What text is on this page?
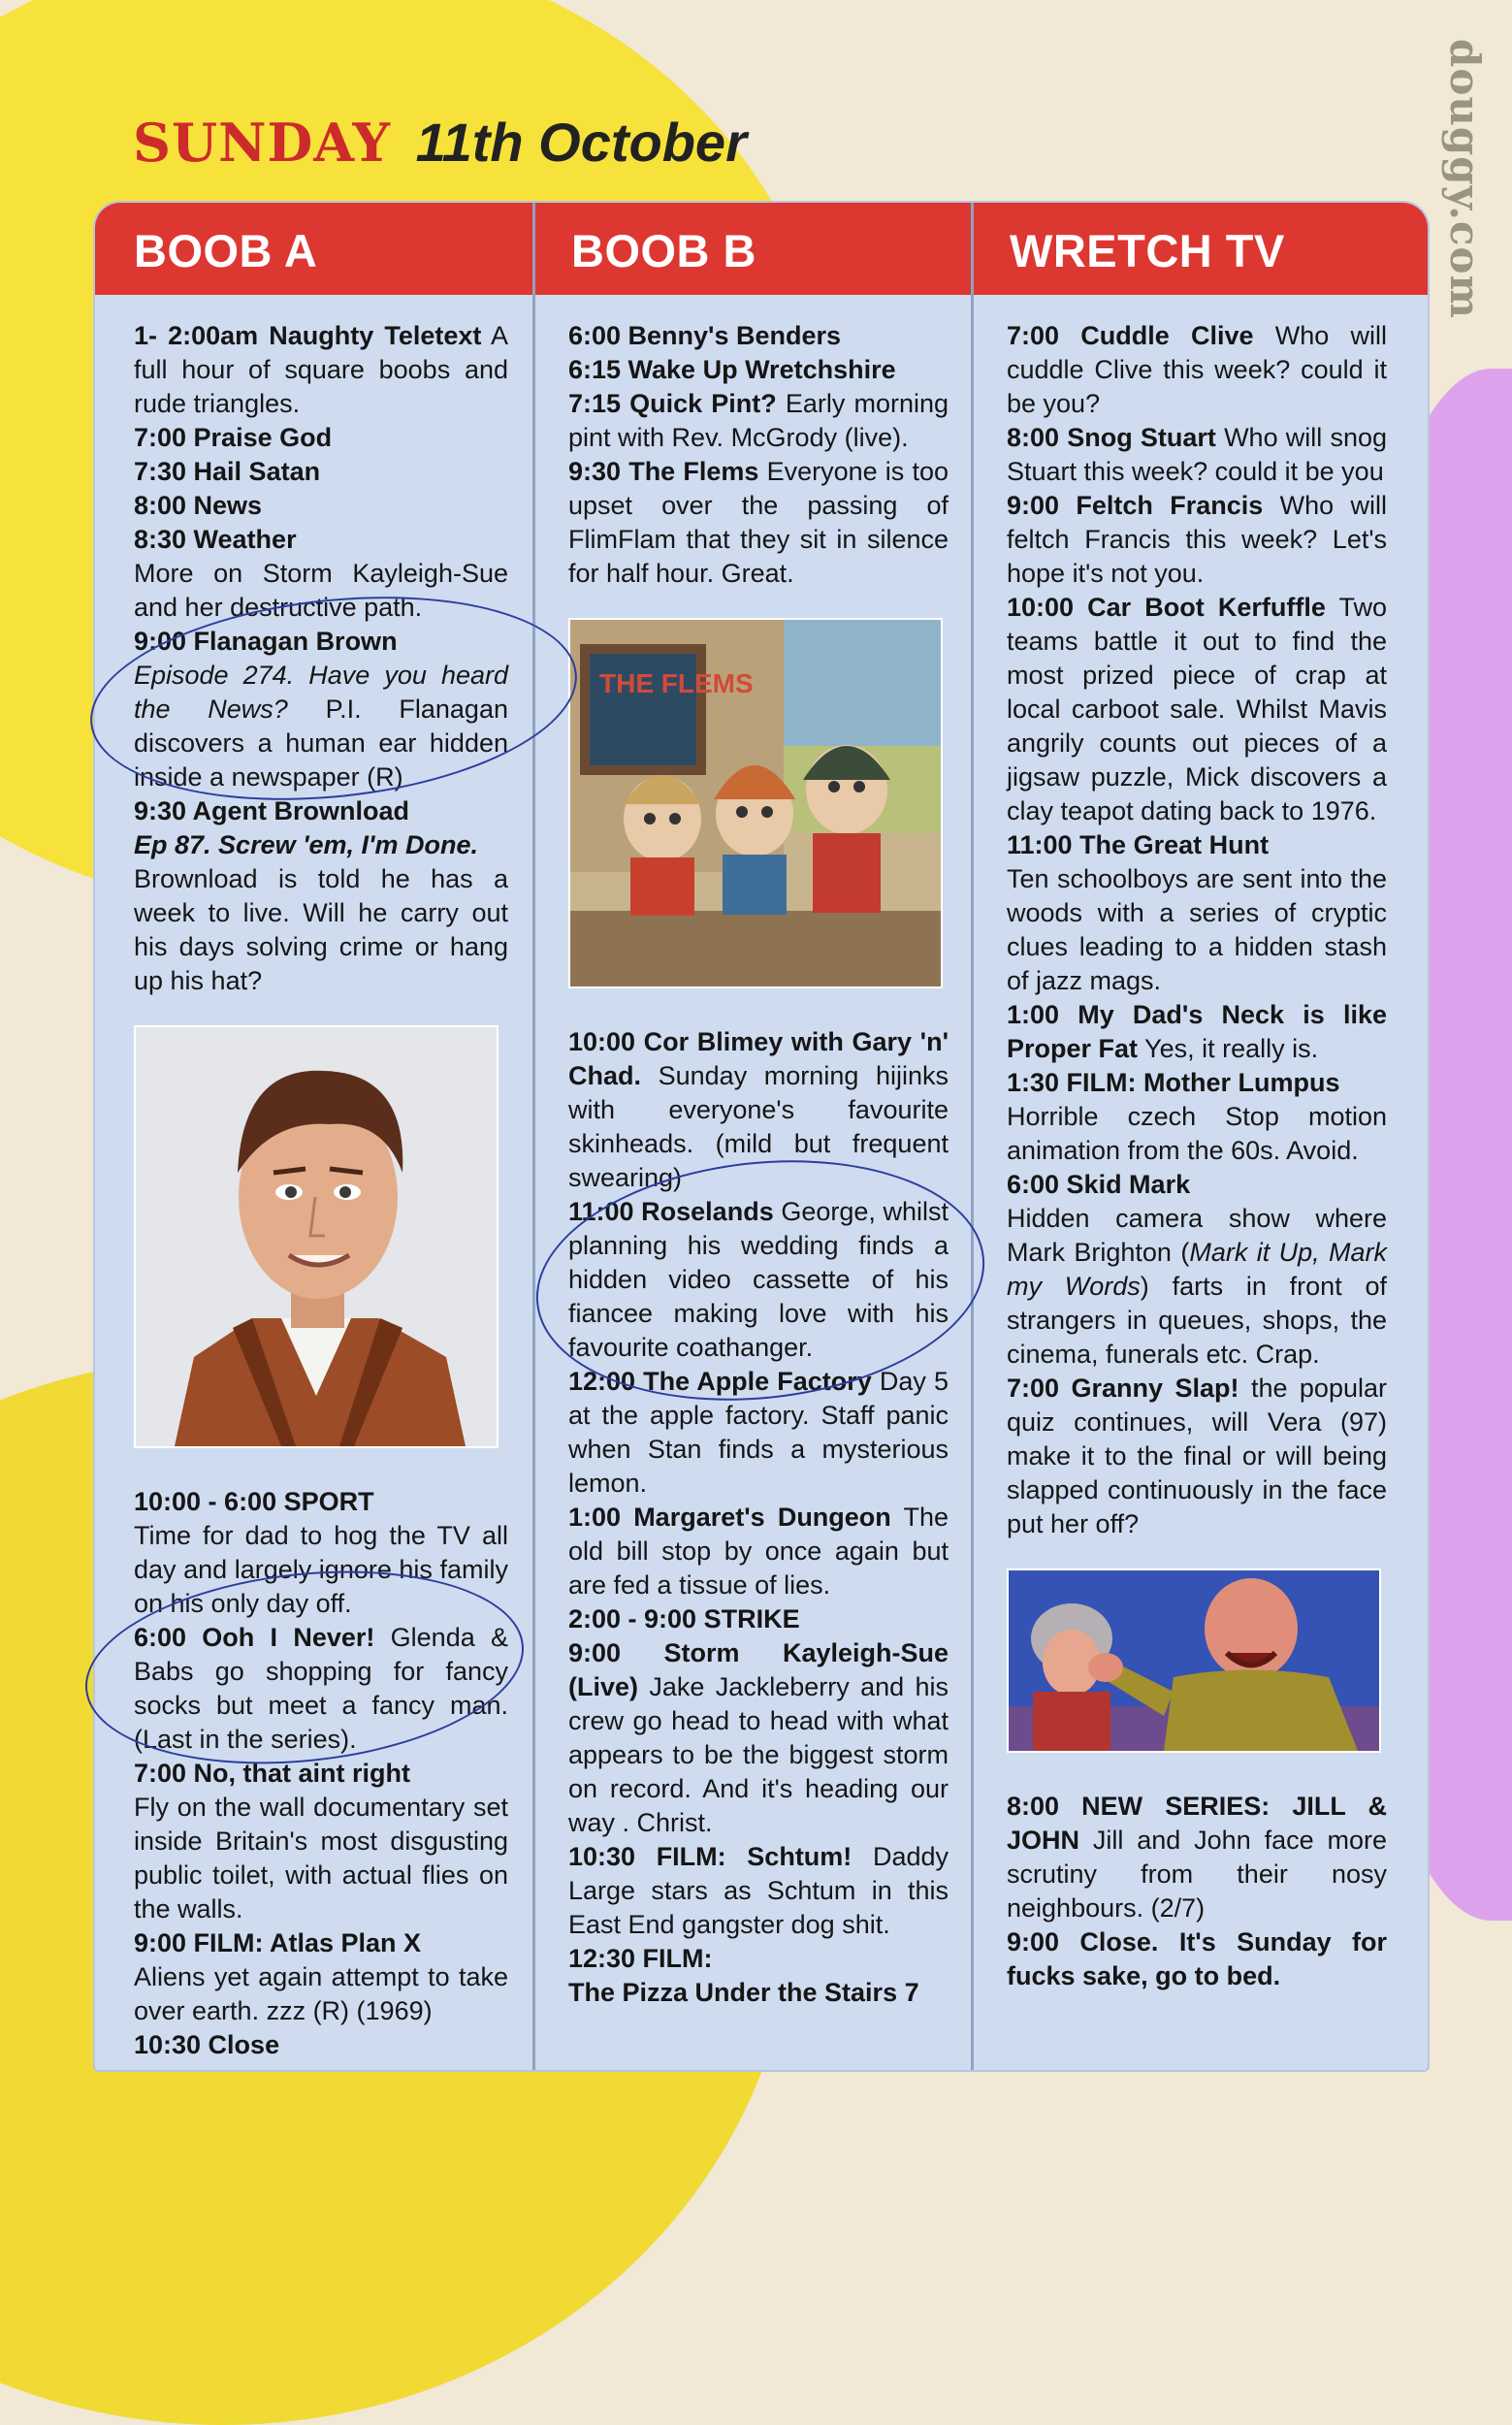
douggy.com
SUNDAY 11th October
BOOB A	BOOB B	WRETCH TV

1- 2:00am Naughty Teletext A full hour of square boobs and rude triangles.

7:00 Praise God

7:30 Hail Satan

8:00 News

8:30 Weather
More on Storm Kayleigh-Sue and her destructive path.

9:00 Flanagan Brown
Episode 274. Have you heard the News? P.I. Flanagan discovers a human ear hidden inside a newspaper (R)

9:30 Agent Brownload
Ep 87. Screw 'em, I'm Done.
Brownload is told he has a week to live. Will he carry out his days solving crime or hang up his hat?

10:00 - 6:00 SPORT
Time for dad to hog the TV all day and largely ignore his family on his only day off.

6:00 Ooh I Never! Glenda & Babs go shopping for fancy socks but meet a fancy man. (Last in the series).

7:00 No, that aint right
Fly on the wall documentary set inside Britain's most disgusting public toilet, with actual flies on the walls.

9:00 FILM: Atlas Plan X
Aliens yet again attempt to take over earth. zzz (R) (1969)

10:30 Close

6:00 Benny's Benders

6:15 Wake Up Wretchshire

7:15 Quick Pint? Early morning pint with Rev. McGrody (live).

9:30 The Flems Everyone is too upset over the passing of FlimFlam that they sit in silence for half hour. Great.

THE FLEMS

10:00 Cor Blimey with Gary 'n' Chad. Sunday morning hijinks with everyone's favourite skinheads. (mild but frequent swearing)

11:00 Roselands George, whilst planning his wedding finds a hidden video cassette of his fiancee making love with his favourite coathanger.

12:00 The Apple Factory Day 5 at the apple factory. Staff panic when Stan finds a mysterious lemon.

1:00 Margaret's Dungeon The old bill stop by once again but are fed a tissue of lies.

2:00 - 9:00 STRIKE

9:00 Storm Kayleigh-Sue (Live) Jake Jackleberry and his crew go head to head with what appears to be the biggest storm on record. And it's heading our way . Christ.

10:30 FILM: Schtum! Daddy Large stars as Schtum in this East End gangster dog shit.

12:30 FILM:
The Pizza Under the Stairs 7

7:00 Cuddle Clive Who will cuddle Clive this week? could it be you?

8:00 Snog Stuart Who will snog Stuart this week? could it be you

9:00 Feltch Francis Who will feltch Francis this week? Let's hope it's not you.

10:00 Car Boot Kerfuffle Two teams battle it out to find the most prized piece of crap at local carboot sale. Whilst Mavis angrily counts out pieces of a jigsaw puzzle, Mick discovers a clay teapot dating back to 1976.

11:00 The Great Hunt
Ten schoolboys are sent into the woods with a series of cryptic clues leading to a hidden stash of jazz mags.

1:00 My Dad's Neck is like Proper Fat Yes, it really is.

1:30 FILM: Mother Lumpus
Horrible czech Stop motion animation from the 60s. Avoid.

6:00 Skid Mark
Hidden camera show where Mark Brighton (Mark it Up, Mark my Words) farts in front of strangers in queues, shops, the cinema, funerals etc. Crap.

7:00 Granny Slap! the popular quiz continues, will Vera (97) make it to the final or will being slapped continuously in the face put her off?

8:00 NEW SERIES: JILL & JOHN Jill and John face more scrutiny from their nosy neighbours. (2/7)

9:00 Close. It's Sunday for fucks sake, go to bed.
